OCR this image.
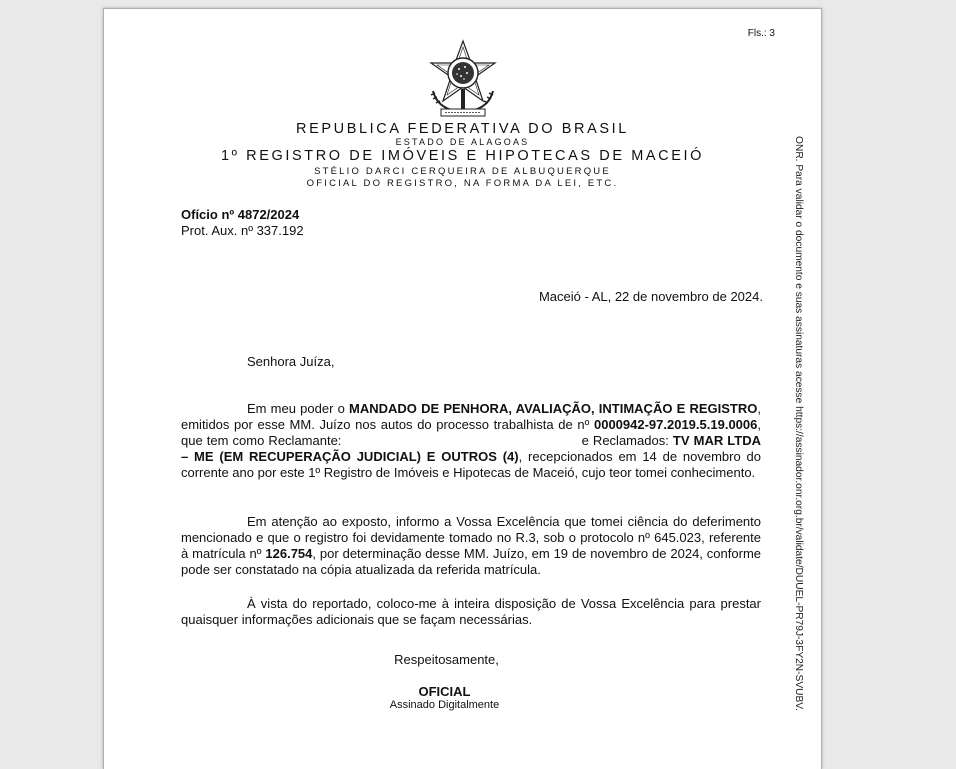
Fls.: 3
REPUBLICA FEDERATIVA DO BRASIL
ESTADO DE ALAGOAS
1º REGISTRO DE IMÓVEIS E HIPOTECAS DE MACEIÓ
STÉLIO DARCI CERQUEIRA DE ALBUQUERQUE
OFICIAL DO REGISTRO, NA FORMA DA LEI, ETC.
Ofício nº 4872/2024
Prot. Aux. nº 337.192
Maceió - AL, 22 de novembro de 2024.
Senhora Juíza,
Em meu poder o MANDADO DE PENHORA, AVALIAÇÃO, INTIMAÇÃO E REGISTRO, emitidos por esse MM. Juízo nos autos do processo trabalhista de nº 0000942-97.2019.5.19.0006, que tem como Reclamante:	e Reclamados: TV MAR LTDA – ME (EM RECUPERAÇÃO JUDICIAL) E OUTROS (4), recepcionados em 14 de novembro do corrente ano por este 1º Registro de Imóveis e Hipotecas de Maceió, cujo teor tomei conhecimento.
Em atenção ao exposto, informo a Vossa Excelência que tomei ciência do deferimento mencionado e que o registro foi devidamente tomado no R.3, sob o protocolo nº 645.023, referente à matrícula nº 126.754, por determinação desse MM. Juízo, em 19 de novembro de 2024, conforme pode ser constatado na cópia atualizada da referida matrícula.
À vista do reportado, coloco-me à inteira disposição de Vossa Excelência para prestar quaisquer informações adicionais que se façam necessárias.
Respeitosamente,
OFICIAL
Assinado Digitalmente	ONR. Para validar o documento e suas assinaturas acesse https://assinador.onr.org.br/validate/DUUEL-PR79J-3FY2N-SVUBV.
